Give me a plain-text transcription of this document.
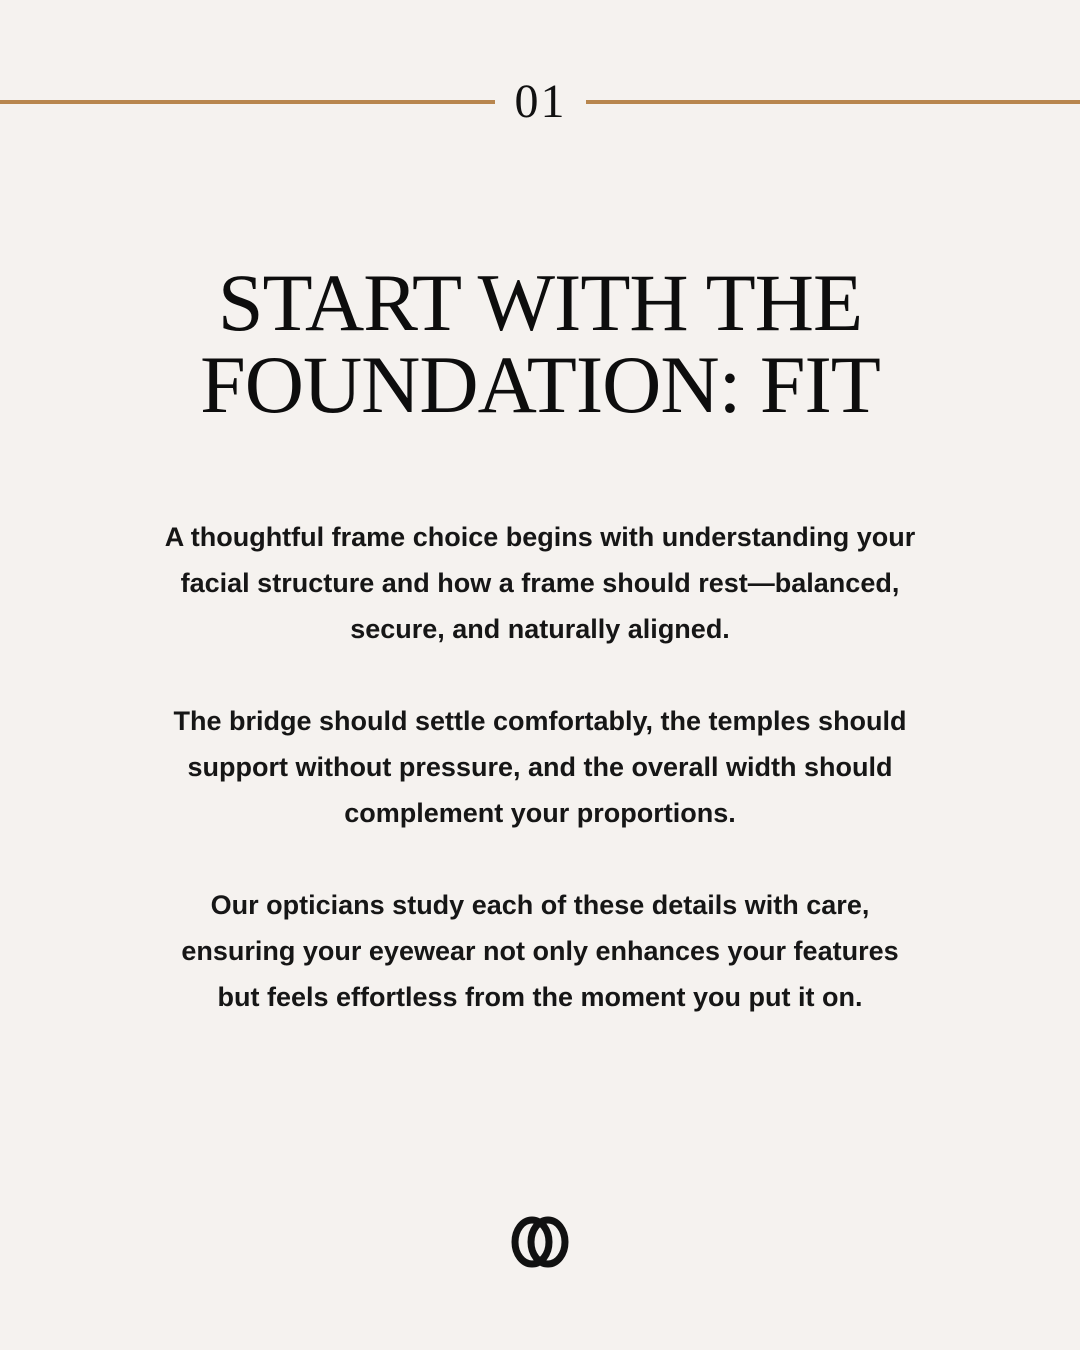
01
START WITH THE
FOUNDATION: FIT

A thoughtful frame choice begins with understanding your facial structure and how a frame should rest—balanced, secure, and naturally aligned.

The bridge should settle comfortably, the temples should support without pressure, and the overall width should complement your proportions.

Our opticians study each of these details with care, ensuring your eyewear not only enhances your features but feels effortless from the moment you put it on.
